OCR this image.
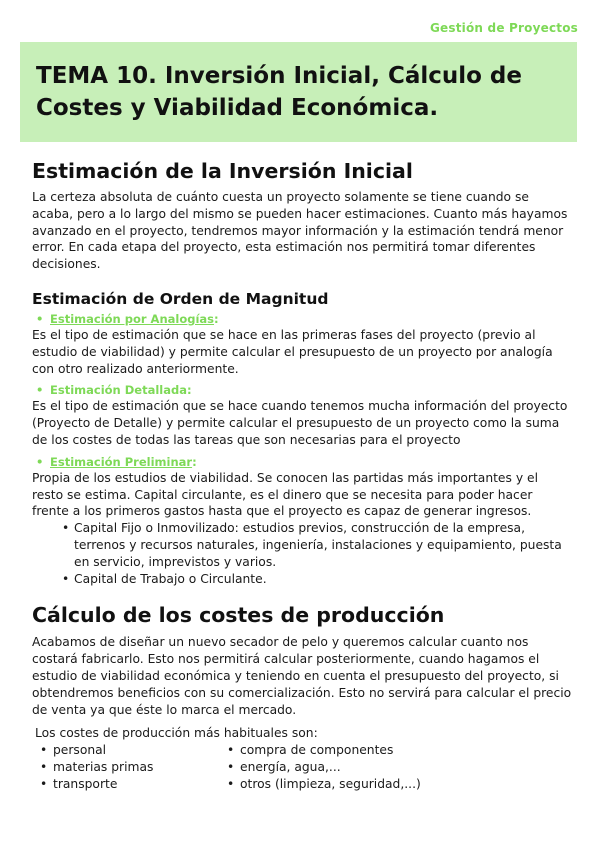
Gestión de Proyectos
TEMA 10. Inversión Inicial, Cálculo de
Costes y Viabilidad Económica.
Estimación de la Inversión Inicial

La certeza absoluta de cuánto cuesta un proyecto solamente se tiene cuando se acaba, pero a lo largo del mismo se pueden hacer estimaciones. Cuanto más hayamos avanzado en el proyecto, tendremos mayor información y la estimación tendrá menor error. En cada etapa del proyecto, esta estimación nos permitirá tomar diferentes decisiones.

Estimación de Orden de Magnitud
• Estimación por Analogías:

Es el tipo de estimación que se hace en las primeras fases del proyecto (previo al estudio de viabilidad) y permite calcular el presupuesto de un proyecto por analogía con otro realizado anteriormente.

• Estimación Detallada:

Es el tipo de estimación que se hace cuando tenemos mucha información del proyecto (Proyecto de Detalle) y permite calcular el presupuesto de un proyecto como la suma de los costes de todas las tareas que son necesarias para el proyecto

• Estimación Preliminar:

Propia de los estudios de viabilidad. Se conocen las partidas más importantes y el resto se estima. Capital circulante, es el dinero que se necesita para poder hacer frente a los primeros gastos hasta que el proyecto es capaz de generar ingresos.

• Capital Fijo o Inmovilizado: estudios previos, construcción de la empresa, terrenos y recursos naturales, ingeniería, instalaciones y equipamiento, puesta en servicio, imprevistos y varios.
• Capital de Trabajo o Circulante.
Cálculo de los costes de producción

Acabamos de diseñar un nuevo secador de pelo y queremos calcular cuanto nos costará fabricarlo. Esto nos permitirá calcular posteriormente, cuando hagamos el estudio de viabilidad económica y teniendo en cuenta el presupuesto del proyecto, si obtendremos beneficios con su comercialización. Esto no servirá para calcular el precio de venta ya que éste lo marca el mercado.

Los costes de producción más habituales son:

• personal
• materias primas
• transporte
• compra de componentes
• energía, agua,...
• otros (limpieza, seguridad,...)
